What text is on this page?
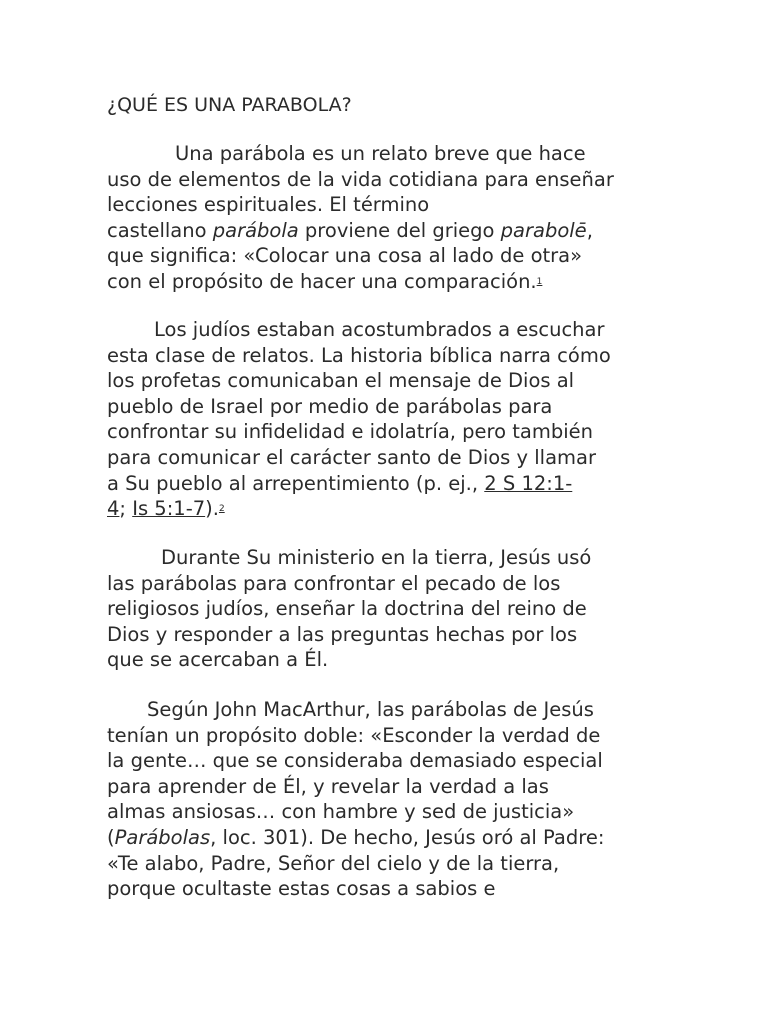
¿QUÉ ES UNA PARABOLA?

Una parábola es un relato breve que hace
uso de elementos de la vida cotidiana para enseñar
lecciones espirituales. El término
castellano parábola proviene del griego parabolē,
que significa: «Colocar una cosa al lado de otra»
con el propósito de hacer una comparación.$^1$

Los judíos estaban acostumbrados a escuchar
esta clase de relatos. La historia bíblica narra cómo
los profetas comunicaban el mensaje de Dios al
pueblo de Israel por medio de parábolas para
confrontar su infidelidad e idolatría, pero también
para comunicar el carácter santo de Dios y llamar
a Su pueblo al arrepentimiento (p. ej., 2 S 12:1-
4; Is 5:1-7).$^2$

Durante Su ministerio en la tierra, Jesús usó
las parábolas para confrontar el pecado de los
religiosos judíos, enseñar la doctrina del reino de
Dios y responder a las preguntas hechas por los
que se acercaban a Él.

Según John MacArthur, las parábolas de Jesús
tenían un propósito doble: «Esconder la verdad de
la gente… que se consideraba demasiado especial
para aprender de Él, y revelar la verdad a las
almas ansiosas… con hambre y sed de justicia»
(Parábolas, loc. 301). De hecho, Jesús oró al Padre:
«Te alabo, Padre, Señor del cielo y de la tierra,
porque ocultaste estas cosas a sabios e
